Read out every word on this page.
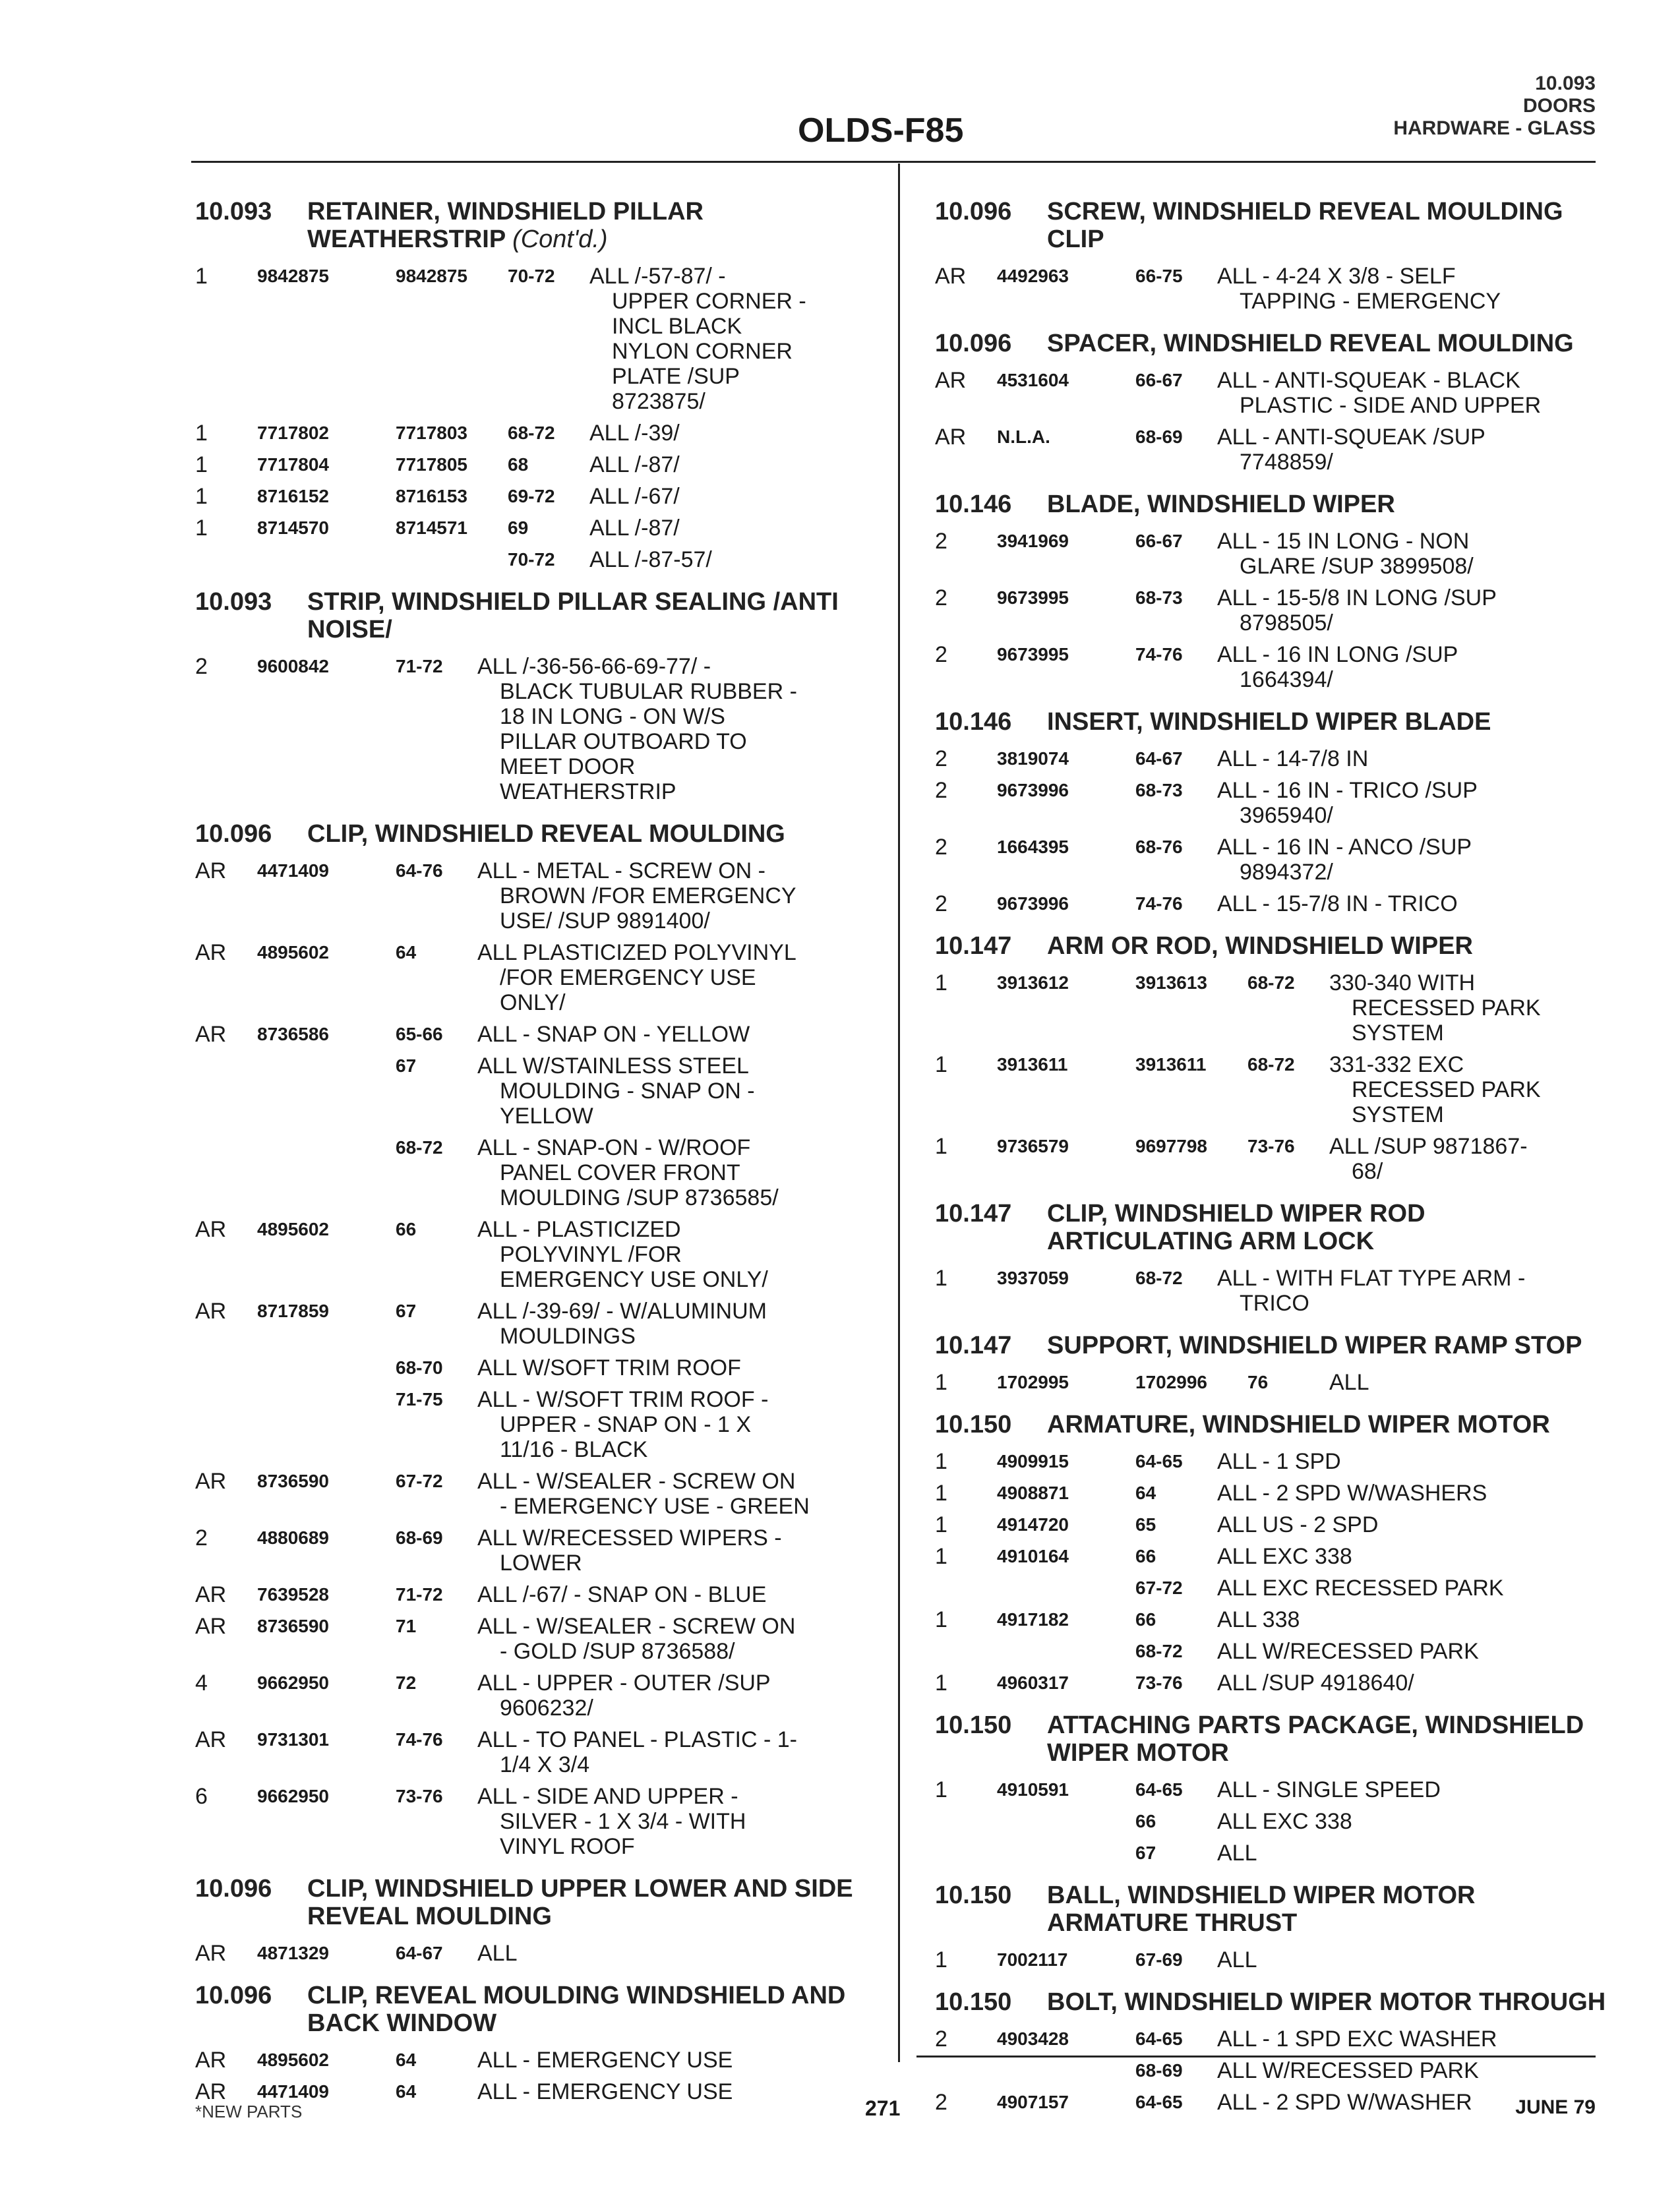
OLDS-F85
10.093
DOORS
HARDWARE - GLASS
10.093	RETAINER, WINDSHIELD PILLAR WEATHERSTRIP (Cont'd.)
1	9842875	9842875	70-72	ALL /-57-87/ -
UPPER CORNER -
INCL BLACK
NYLON CORNER
PLATE /SUP
8723875/
1	7717802	7717803	68-72	ALL /-39/
1	7717804	7717805	68	ALL /-87/
1	8716152	8716153	69-72	ALL /-67/
1	8714570	8714571	69	ALL /-87/
70-72	ALL /-87-57/
10.093	STRIP, WINDSHIELD PILLAR SEALING /ANTI NOISE/
2	9600842	71-72	ALL /-36-56-66-69-77/ -
BLACK TUBULAR RUBBER -
18 IN LONG - ON W/S
PILLAR OUTBOARD TO
MEET DOOR
WEATHERSTRIP
10.096	CLIP, WINDSHIELD REVEAL MOULDING
AR	4471409	64-76	ALL - METAL - SCREW ON -
BROWN /FOR EMERGENCY
USE/ /SUP 9891400/
AR	4895602	64	ALL PLASTICIZED POLYVINYL
/FOR EMERGENCY USE
ONLY/
AR	8736586	65-66	ALL - SNAP ON - YELLOW
67	ALL W/STAINLESS STEEL
MOULDING - SNAP ON -
YELLOW
68-72	ALL - SNAP-ON - W/ROOF
PANEL COVER FRONT
MOULDING /SUP 8736585/
AR	4895602	66	ALL - PLASTICIZED
POLYVINYL /FOR
EMERGENCY USE ONLY/
AR	8717859	67	ALL /-39-69/ - W/ALUMINUM
MOULDINGS
68-70	ALL W/SOFT TRIM ROOF
71-75	ALL - W/SOFT TRIM ROOF -
UPPER - SNAP ON - 1 X
11/16 - BLACK
AR	8736590	67-72	ALL - W/SEALER - SCREW ON
- EMERGENCY USE - GREEN
2	4880689	68-69	ALL W/RECESSED WIPERS -
LOWER
AR	7639528	71-72	ALL /-67/ - SNAP ON - BLUE
AR	8736590	71	ALL - W/SEALER - SCREW ON
- GOLD /SUP 8736588/
4	9662950	72	ALL - UPPER - OUTER /SUP
9606232/
AR	9731301	74-76	ALL - TO PANEL - PLASTIC - 1-
1/4 X 3/4
6	9662950	73-76	ALL - SIDE AND UPPER -
SILVER - 1 X 3/4 - WITH
VINYL ROOF
10.096	CLIP, WINDSHIELD UPPER LOWER AND SIDE REVEAL MOULDING
AR	4871329	64-67	ALL
10.096	CLIP, REVEAL MOULDING WINDSHIELD AND BACK WINDOW
AR	4895602	64	ALL - EMERGENCY USE
AR	4471409	64	ALL - EMERGENCY USE
10.096	SCREW, WINDSHIELD REVEAL MOULDING CLIP
AR	4492963	66-75	ALL - 4-24 X 3/8 - SELF
TAPPING - EMERGENCY
10.096	SPACER, WINDSHIELD REVEAL MOULDING
AR	4531604	66-67	ALL - ANTI-SQUEAK - BLACK
PLASTIC - SIDE AND UPPER
AR	N.L.A.	68-69	ALL - ANTI-SQUEAK /SUP
7748859/
10.146	BLADE, WINDSHIELD WIPER
2	3941969	66-67	ALL - 15 IN LONG - NON
GLARE /SUP 3899508/
2	9673995	68-73	ALL - 15-5/8 IN LONG /SUP
8798505/
2	9673995	74-76	ALL - 16 IN LONG /SUP
1664394/
10.146	INSERT, WINDSHIELD WIPER BLADE
2	3819074	64-67	ALL - 14-7/8 IN
2	9673996	68-73	ALL - 16 IN - TRICO /SUP
3965940/
2	1664395	68-76	ALL - 16 IN - ANCO /SUP
9894372/
2	9673996	74-76	ALL - 15-7/8 IN - TRICO
10.147	ARM OR ROD, WINDSHIELD WIPER
1	3913612	3913613	68-72	330-340 WITH
RECESSED PARK
SYSTEM
1	3913611	3913611	68-72	331-332 EXC
RECESSED PARK
SYSTEM
1	9736579	9697798	73-76	ALL /SUP 9871867-
68/
10.147	CLIP, WINDSHIELD WIPER ROD ARTICULATING ARM LOCK
1	3937059	68-72	ALL - WITH FLAT TYPE ARM -
TRICO
10.147	SUPPORT, WINDSHIELD WIPER RAMP STOP
1	1702995	1702996	76	ALL
10.150	ARMATURE, WINDSHIELD WIPER MOTOR
1	4909915	64-65	ALL - 1 SPD
1	4908871	64	ALL - 2 SPD W/WASHERS
1	4914720	65	ALL US - 2 SPD
1	4910164	66	ALL EXC 338
67-72	ALL EXC RECESSED PARK
1	4917182	66	ALL 338
68-72	ALL W/RECESSED PARK
1	4960317	73-76	ALL /SUP 4918640/
10.150	ATTACHING PARTS PACKAGE, WINDSHIELD WIPER MOTOR
1	4910591	64-65	ALL - SINGLE SPEED
66	ALL EXC 338
67	ALL
10.150	BALL, WINDSHIELD WIPER MOTOR ARMATURE THRUST
1	7002117	67-69	ALL
10.150	BOLT, WINDSHIELD WIPER MOTOR THROUGH
2	4903428	64-65	ALL - 1 SPD EXC WASHER
68-69	ALL W/RECESSED PARK
2	4907157	64-65	ALL - 2 SPD W/WASHER
*NEW PARTS	271	JUNE 79
